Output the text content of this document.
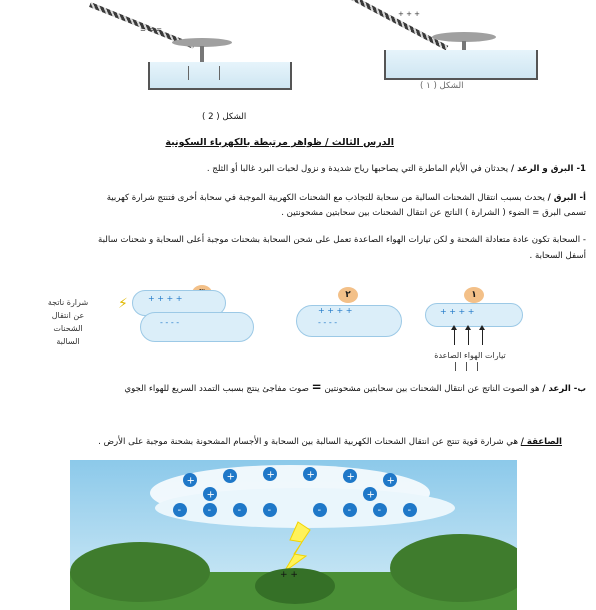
= = =
الشكل ( 2 )
+ + +
الشكل ( ١ )
الدرس الثالث / ظواهر مرتبطة بالكهرباء السكونية
1- البرق و الرعد / يحدثان في الأيام الماطرة التي يصاحبها رياح شديدة و نزول لحبات البرد غالبا أو الثلج .
أ- البرق / يحدث بسبب انتقال الشحنات السالبة من سحابة للتجاذب مع الشحنات الكهربية الموجبة في سحابة أخرى فتنتج شرارة كهربية
تسمى البرق = الضوء ( الشرارة ) الناتج عن انتقال الشحنات بين سحابتين مشحونتين .
- السحابة تكون عادة متعادلة الشحنة و لكن تيارات الهواء الصاعدة تعمل على شحن السحابة بشحنات موجبة أعلى السحابة و شحنات سالبة
أسفل السحابة .
١
+ + + +
تيارات الهواء الصاعدة
|||
٢
+ + + +
- - - -
+ + + +
- - - -
⚡
شرارة ناتجة
عن انتقال
الشحنات
السالبة
ب- الرعد / هو الصوت الناتج عن انتقال الشحنات بين سحابتين مشحونتين = صوت مفاجئ ينتج بسبب التمدد السريع للهواء الجوي
الصاعقة / هي شرارة قوية تنتج عن انتقال الشحنات الكهربية السالبة بين السحابة و الأجسام المشحونة بشحنة موجبة على الأرض .
+	+	+	+	+	+
+	+
-	-	-	-	-	-	-	-
+ +
